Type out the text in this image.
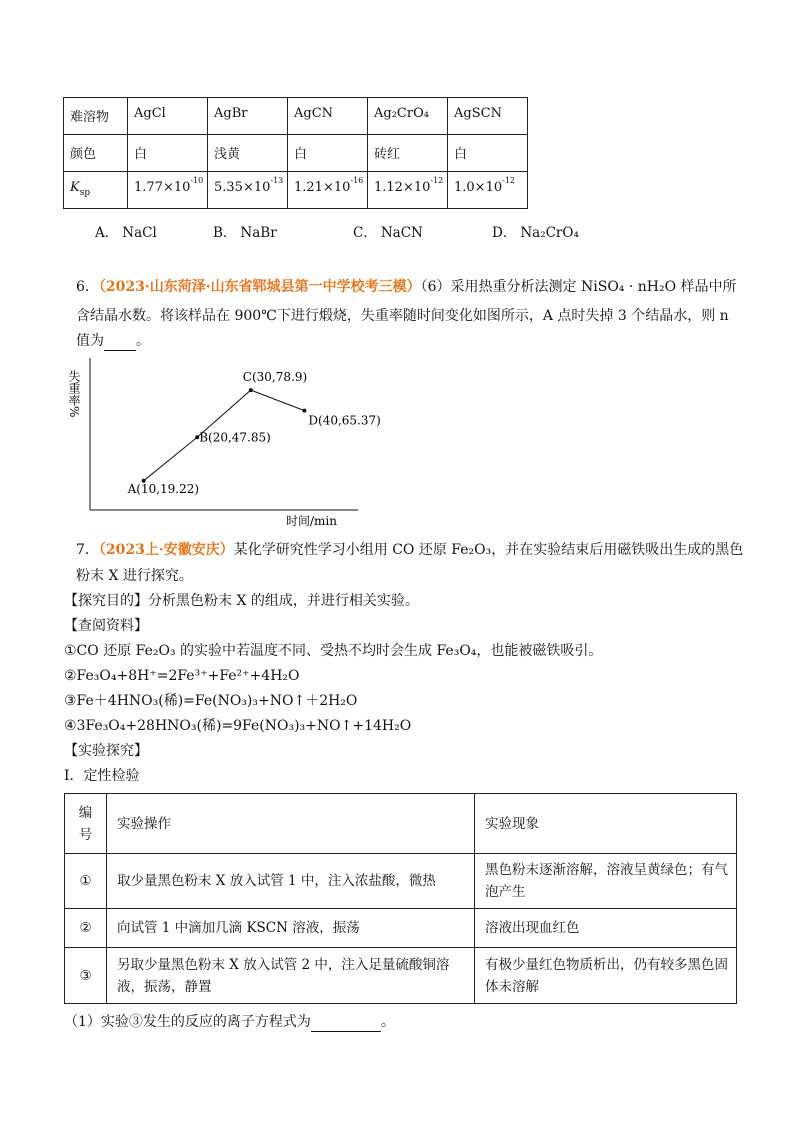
难溶物	AgCl	AgBr	AgCN	Ag₂CrO₄	AgSCN
颜色	白	浅黄	白	砖红	白
$K_{sp}$	$1.77\times 10^{-10}$	$5.35\times 10^{-13}$	$1.21\times 10^{-16}$	$1.12\times 10^{-12}$	$1.0\times 10^{-12}$
A． NaCl	B． NaBr	C． NaCN	D． Na₂CrO₄
6．（2023·山东菏泽·山东省郓城县第一中学校考三模）（6）采用热重分析法测定 NiSO₄ · nH₂O 样品中所
含结晶水数。将该样品在 900℃下进行煅烧，失重率随时间变化如图所示，A 点时失掉 3 个结晶水，则 n
值为 。
失重率%
时间/min
A(10,19.22)
B(20,47.85)
C(30,78.9)
D(40,65.37)
7．（2023上·安徽安庆）某化学研究性学习小组用 CO 还原 Fe₂O₃，并在实验结束后用磁铁吸出生成的黑色
粉末 X 进行探究。
【探究目的】分析黑色粉末 X 的组成，并进行相关实验。
【查阅资料】
①CO 还原 Fe₂O₃ 的实验中若温度不同、受热不均时会生成 Fe₃O₄，也能被磁铁吸引。
②Fe₃O₄+8H⁺=2Fe³⁺+Fe²⁺+4H₂O
③Fe＋4HNO₃(稀)=Fe(NO₃)₃+NO↑＋2H₂O
④3Fe₃O₄+28HNO₃(稀)=9Fe(NO₃)₃+NO↑+14H₂O
【实验探究】
I．定性检验
编号	实验操作	实验现象
①	取少量黑色粉末 X 放入试管 1 中，注入浓盐酸，微热	黑色粉末逐渐溶解，溶液呈黄绿色；有气泡产生
②	向试管 1 中滴加几滴 KSCN 溶液，振荡	溶液出现血红色
③	另取少量黑色粉末 X 放入试管 2 中，注入足量硫酸铜溶液，振荡，静置	有极少量红色物质析出，仍有较多黑色固体未溶解
（1）实验③发生的反应的离子方程式为	。
